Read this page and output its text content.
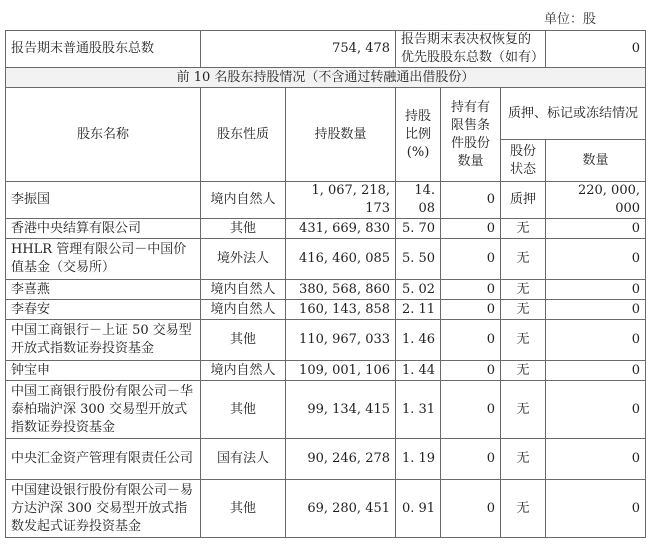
单位：股
报告期末普通股股东总数	754, 478		报告期末表决权恢复的优先股股东总数（如有）			0
前 10 名股东持股情况（不含通过转融通出借股份）						
股东名称	股东性质	持股数量	持股比例(%)	持有有限售条件股份数量	质押、标记或冻结情况	
					股份状态	数量
李振国	境内自然人	1, 067, 218, 173	14. 08	0	质押	220, 000, 000
香港中央结算有限公司	其他	431, 669, 830	5. 70	0	无	0
HHLR 管理有限公司－中国价值基金（交易所）	境外法人	416, 460, 085	5. 50	0	无	0
李喜燕	境内自然人	380, 568, 860	5. 02	0	无	0
李春安	境内自然人	160, 143, 858	2. 11	0	无	0
中国工商银行－上证 50 交易型开放式指数证券投资基金	其他	110, 967, 033	1. 46	0	无	0
钟宝申	境内自然人	109, 001, 106	1. 44	0	无	0
中国工商银行股份有限公司－华泰柏瑞沪深 300 交易型开放式指数证券投资基金	其他	99, 134, 415	1. 31	0	无	0
中央汇金资产管理有限责任公司	国有法人	90, 246, 278	1. 19	0	无	0
中国建设银行股份有限公司－易方达沪深 300 交易型开放式指数发起式证券投资基金	其他	69, 280, 451	0. 91	0	无	0
